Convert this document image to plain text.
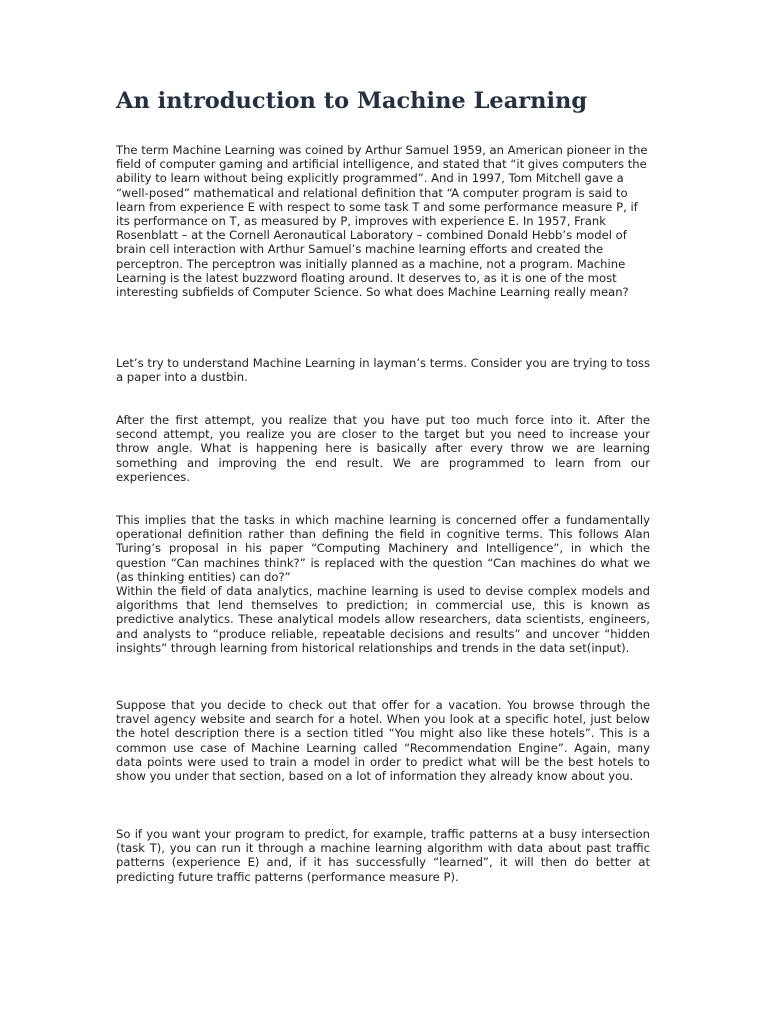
An introduction to Machine Learning
The term Machine Learning was coined by Arthur Samuel 1959, an American pioneer in the field of computer gaming and artificial intelligence, and stated that “it gives computers the ability to learn without being explicitly programmed”. And in 1997, Tom Mitchell gave a “well-posed” mathematical and relational definition that “A computer program is said to learn from experience E with respect to some task T and some performance measure P, if its performance on T, as measured by P, improves with experience E. In 1957, Frank Rosenblatt – at the Cornell Aeronautical Laboratory – combined Donald Hebb’s model of brain cell interaction with Arthur Samuel’s machine learning efforts and created the perceptron. The perceptron was initially planned as a machine, not a program. Machine Learning is the latest buzzword floating around. It deserves to, as it is one of the most interesting subfields of Computer Science. So what does Machine Learning really mean?
Let’s try to understand Machine Learning in layman’s terms. Consider you are trying to toss a paper into a dustbin.
After the first attempt, you realize that you have put too much force into it. After the second attempt, you realize you are closer to the target but you need to increase your throw angle. What is happening here is basically after every throw we are learning something and improving the end result. We are programmed to learn from our experiences.
This implies that the tasks in which machine learning is concerned offer a fundamentally operational definition rather than defining the field in cognitive terms. This follows Alan Turing’s proposal in his paper “Computing Machinery and Intelligence”, in which the question “Can machines think?” is replaced with the question “Can machines do what we (as thinking entities) can do?”
Within the field of data analytics, machine learning is used to devise complex models and algorithms that lend themselves to prediction; in commercial use, this is known as predictive analytics. These analytical models allow researchers, data scientists, engineers, and analysts to “produce reliable, repeatable decisions and results” and uncover “hidden insights” through learning from historical relationships and trends in the data set(input).
Suppose that you decide to check out that offer for a vacation. You browse through the travel agency website and search for a hotel. When you look at a specific hotel, just below the hotel description there is a section titled “You might also like these hotels”. This is a common use case of Machine Learning called “Recommendation Engine”. Again, many data points were used to train a model in order to predict what will be the best hotels to show you under that section, based on a lot of information they already know about you.
So if you want your program to predict, for example, traffic patterns at a busy intersection (task T), you can run it through a machine learning algorithm with data about past traffic patterns (experience E) and, if it has successfully “learned”, it will then do better at predicting future traffic patterns (performance measure P).
